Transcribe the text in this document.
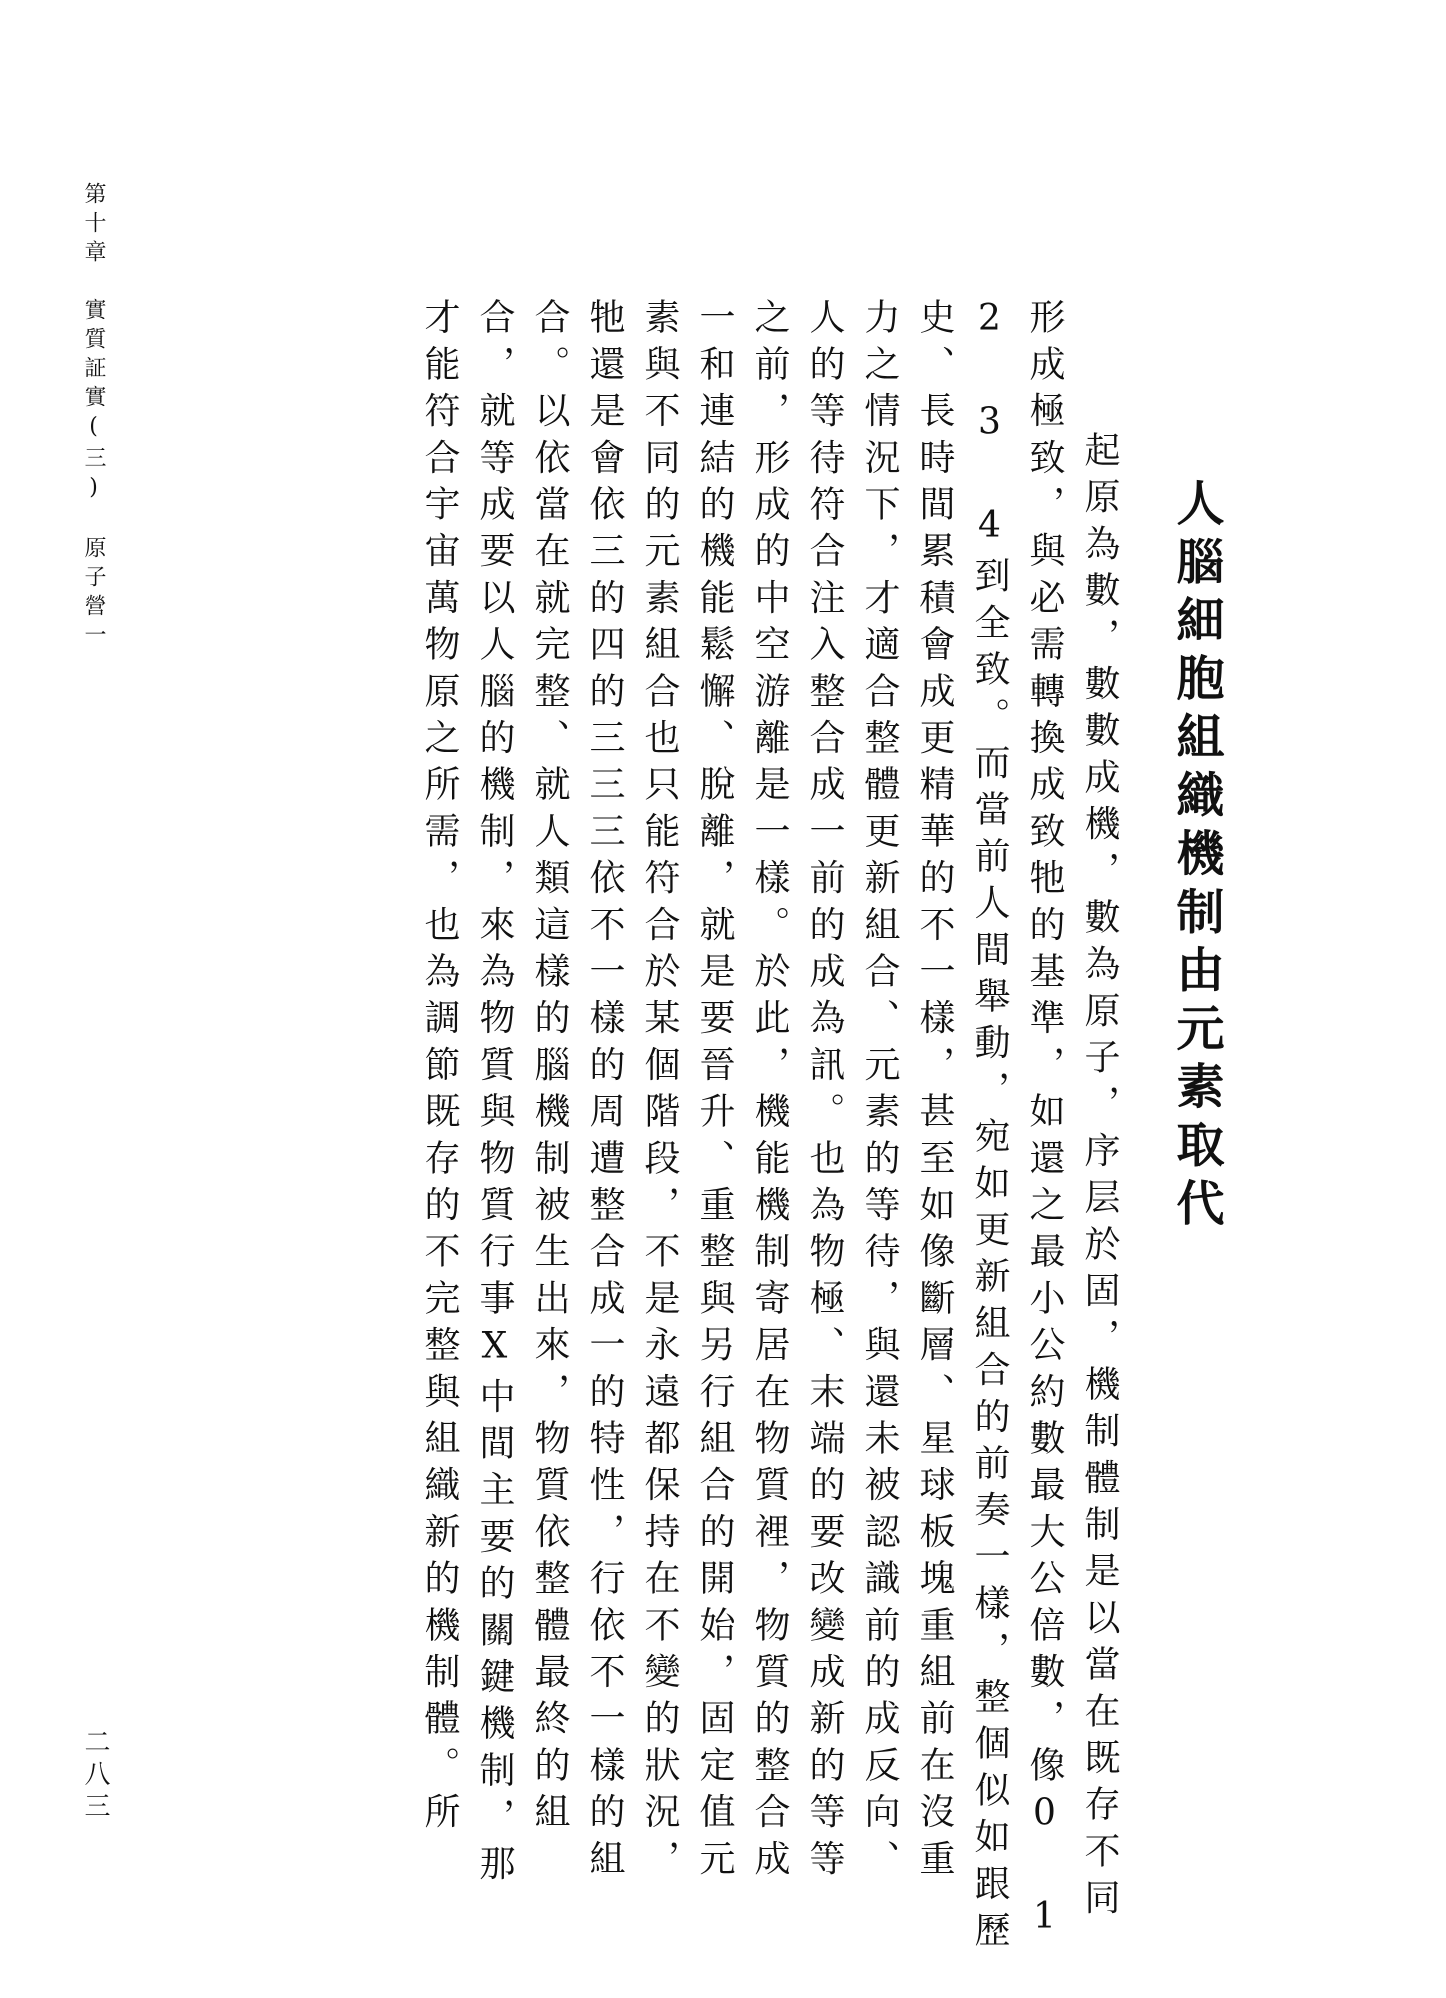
人腦細胞組織機制由元素取代
　起原為數，數數成機，數為原子，序层於固，機制體制是以當在既存不同
形成極致，與必需轉換成致牠的基準，如還之最小公約數最大公倍數，像0 1
2 3 4到全致。而當前人間舉動，宛如更新組合的前奏一樣，整個似如跟歷
史、長時間累積會成更精華的不一樣，甚至如像斷層、星球板塊重組前在沒重
力之情況下，才適合整體更新組合、元素的等待，與還未被認識前的成反向、
人的等待符合注入整合成一前的成為訊。也為物極、末端的要改變成新的等等
之前，形成的中空游離是一樣。於此，機能機制寄居在物質裡，物質的整合成
一和連結的機能鬆懈、脫離，就是要晉升、重整與另行組合的開始，固定值元
素與不同的元素組合也只能符合於某個階段，不是永遠都保持在不變的狀況，
牠還是會依三的四的三三三依不一樣的周遭整合成一的特性，行依不一樣的組
合。以依當在就完整、就人類這樣的腦機制被生出來，物質依整體最終的組
合，就等成要以人腦的機制，來為物質與物質行事X中間主要的關鍵機制，那
才能符合宇宙萬物原之所需，也為調節既存的不完整與組織新的機制體。所
第十章　實質証實(三)　原子營一
二八三
